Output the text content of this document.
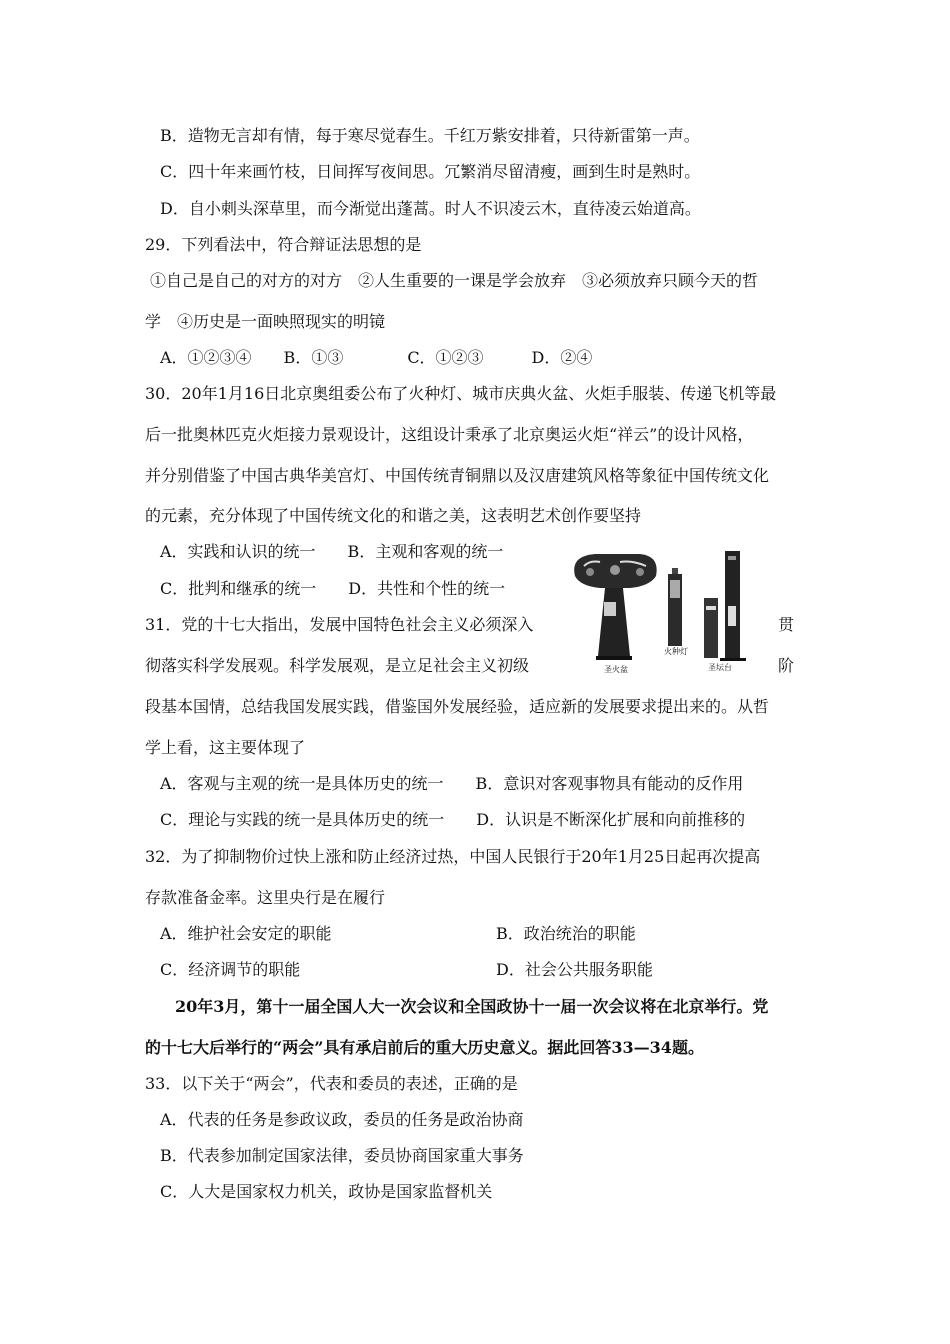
B．造物无言却有情，每于寒尽觉春生。千红万紫安排着，只待新雷第一声。
C．四十年来画竹枝，日间挥写夜间思。冗繁消尽留清瘦，画到生时是熟时。
D．自小刺头深草里，而今渐觉出蓬蒿。时人不识凌云木，直待凌云始道高。
29．下列看法中，符合辩证法思想的是
①自己是自己的对方的对方　②人生重要的一课是学会放弃　③必须放弃只顾今天的哲
学　④历史是一面映照现实的明镜
A．①②③④　　B．①③　　　　C．①②③　　　D．②④
30．20年1月16日北京奥组委公布了火种灯、城市庆典火盆、火炬手服装、传递飞机等最
后一批奥林匹克火炬接力景观设计，这组设计秉承了北京奥运火炬“祥云”的设计风格，
并分别借鉴了中国古典华美宫灯、中国传统青铜鼎以及汉唐建筑风格等象征中国传统文化
的元素，充分体现了中国传统文化的和谐之美，这表明艺术创作要坚持
A．实践和认识的统一　　B．主观和客观的统一
C．批判和继承的统一　　D．共性和个性的统一
31．党的十七大指出，发展中国特色社会主义必须深入	贯
彻落实科学发展观。科学发展观，是立足社会主义初级	阶
段基本国情，总结我国发展实践，借鉴国外发展经验，适应新的发展要求提出来的。从哲
学上看，这主要体现了
A．客观与主观的统一是具体历史的统一　　B．意识对客观事物具有能动的反作用
C．理论与实践的统一是具体历史的统一　　D．认识是不断深化扩展和向前推移的
32．为了抑制物价过快上涨和防止经济过热，中国人民银行于20年1月25日起再次提高
存款准备金率。这里央行是在履行
A．维护社会安定的职能	B．政治统治的职能
C．经济调节的职能	D．社会公共服务职能
20年3月，第十一届全国人大一次会议和全国政协十一届一次会议将在北京举行。党
的十七大后举行的“两会”具有承启前后的重大历史意义。据此回答33—34题。
33．以下关于“两会”，代表和委员的表述，正确的是
A．代表的任务是参政议政，委员的任务是政治协商
B．代表参加制定国家法律，委员协商国家重大事务
C．人大是国家权力机关，政协是国家监督机关
圣火盆
火种灯
圣坛台
